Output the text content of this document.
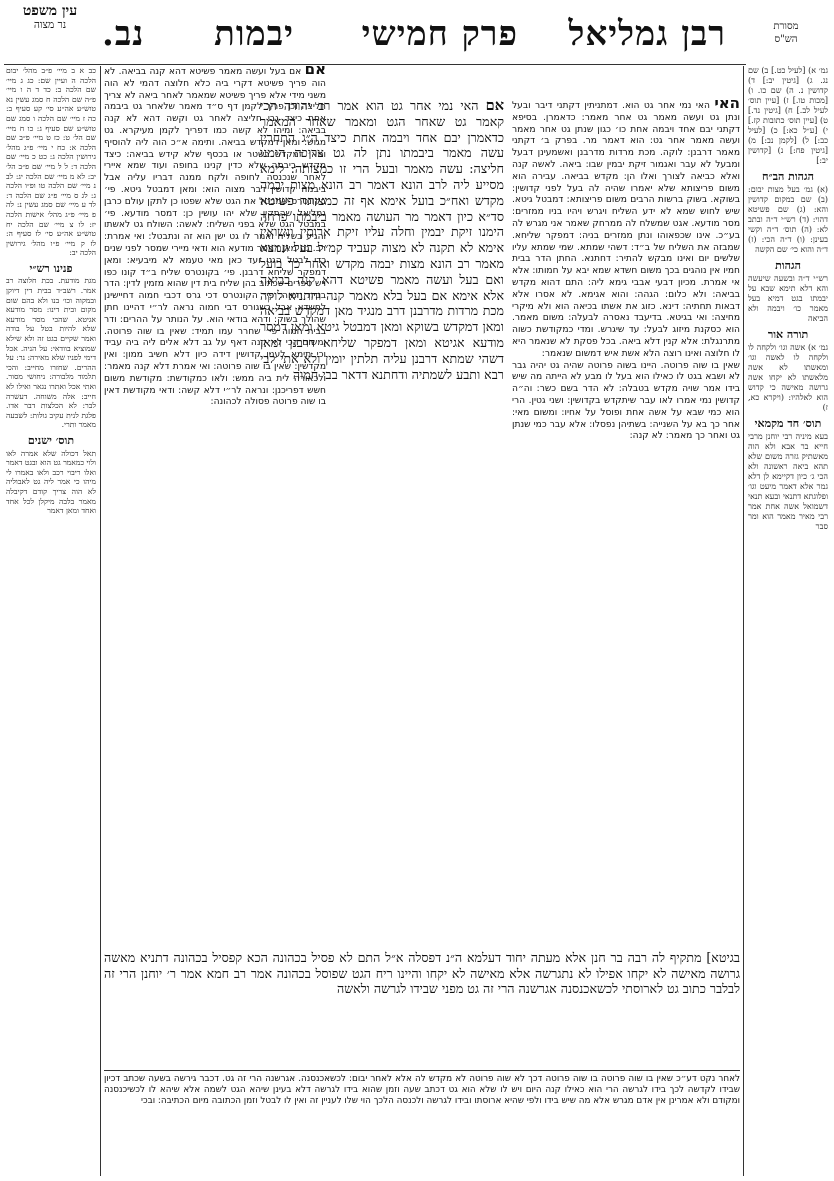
מסורת
הש"ס
רבן גמליאל
פרק חמישי
יבמות
נב.
עין משפט
נר מצוה

גמ׳ א) [לעיל כט.] ב) שם נג. ג) [גיטין יב:] ד) קדושין נ. ה) שם כו. ו) [מכות טו.] ז) [עיין תוס׳ לעיל לב.] ח) [גיטין נד.] ט) [עיין תוס׳ כתובות קז.] י) [ע״ל כא:] כ) [לעיל כב:] ל) [לקמן נב:] מ) [גיטין פח:] נ) [קדושין יב:]

הגהות הב״ח

(א) גמ׳ בעל מצות יבום: (ב) שם במקום קדושין והא: (ג) שם פשיטא דהוי: (ד) רש״י ד״ה ובתב לא: (ה) תוס׳ ד״ה וקשי בעינן: (ו) ד״ה הכי: (ז) ד״ה והוא כי׳ שם הקשה

הגהות

רש״י ד״ה ובשעה שיעשה והא דלא תימא שבא על יבמתו בגט דמיא בעל מאמר כו׳ ויבמה ולא הביאה

תורה אור

גמ׳ א) אשה וגו׳ ולקחה לו ולקחה לו לאשה וגו׳ ומאשתו לא אשה מלאשתו לא יקחו אשה גרושה מאישה כי קדוש הוא לאלהיו: (ויקרא כא, ז)

תוס׳ חד מקמאי

בעא מיניה רבי יוחנן מרבי חייא בר אבא ולא הוה מאשתיק גזרה משום שלא תהא ביאה ראשונה ולא הכי ג׳ כיון דקיימא לן דלא גמר אלא דאמר מיעט וגו׳ ופלוגתא דתנאי ובעא תנאי דשמואל אשה אחת אמר רבי מאיר מאמר הוא ומר סבר

האי האי נמי אחר גט הוא. דמתניתין דקתני דיבר ובעל ונתן גט ועשה מאמר גט אחר מאמר: כדאמרן. בסיפא דקתני יבם אחד ויבמה אחת כו׳ כגון שנתן גט אחר מאמר ועשה מאמר אחר גט: הוא דאמר מר. בפרק ב׳ דקתני מאמר דרבנן: לוקה. מכת מרדות מדרבנן ואשמעינן דבעל ומבעל לא עבר ואגמור זיקת יבמין שבו: ביאה. לאשה קנה ואלא כביאה לצורך ואלו הן: מקדש בביאה. עבירה הוא משום פריצותא שלא יאמרו שהיה לה בעל לפני קדושין: בשוקא. בשוק ברשות הרבים משום פריצותא: דמבטל גיטא. שיש לחוש שמא לא ידע השליח ויגרש ויהיו בניו ממזרים: מסר מודעא. אגט שמשלח לה ממרחק שאמר אני מגרש לה בע״כ. אינו שכפאוהו ונתן ממזרים בניה: דמפקר שליחא. שמבזה את השליח של ב״ד: דשהי שמתא. שמי שמתא עליו שלשים יום ואינו מבקש להתיר: דחתנא. החתן הדר בבית חמיו אין נוהגים בכך משום חשדא שמא יבא על חמותו: אלא אי אמרת. מכיון דבעי אבבי גימא ליה: התם דהוא מקדש בביאה: ולא כלום: הגהה: והוא אגימא. לא אסרו אלא דבאות תחתיה: דינא. כזוג את אשתו בכיאה הוא ולא מיקרי מחיצה: ואי בגיטא. בדיעבד נאסרה לבעלה: משום מאמר. הוא כסקנת מיזוג לבעל: עד שיגרש. ומדי כמקודשת כשוה מתרנגלת: אלא קנין דלא ביאה. בכל פסקת לא שנאמר היא לו חלוצה ואינו רוצה הלא אשת איש דמשום שנאמר:
שאין בו שוה פרוטה. היינו בשוה פרוטה שהיה גט יהיה גבר לא ושבא בגט לו כאילו הוא בעל לו מבע לא הייתה מה שיש בידו אמר שויה מקדש בטבלה: לא הדר בשם כשר: וה״ה קדושין נמי אמרו לאו עבר שיתקדש בקדושין: ושני גטין. הרי הוא כמי שבא על אשה אחת ופוסל על אחיו: ומשום מאי: אחר כך בא על השנייה: בשתיהן נפסלו: אלא עבר כמי שנתן גט ואחר כך מאמר: לא קנה:
אם האי נמי אחר גט הוא אמר רב יהודה הכי קאמר גט שאחר הגט ומאמר שאחר המאמר כדאמרן יבם אחד ויבמה אחת כיצד ה״ג התחרין עשה מאמר ביבמתו נתן לה גט צריכה הימנו חליצה: עשה מאמר ובעל הרי זו כמצותה: לימא מסייע ליה לרב הונא דאמר רב הונא מצות יבמה מקדש ואח״כ בועל אימא אף זה כמצותה פשיטא סד״א כיון דאמר מר העושה מאמר ביבמתו פרחה הימנו זיקת יבמין וחלה עליו זיקת ארוסין ונשואין אימא לא תקנה לא מצוה קעביד קמ״ל בעל ונמצא מאמר רב הונא מצות יבמה מקדש ואחר כך בועל ואם בעל ועשה מאמר פשיטא דהא קנה בביאה אלא אימא אם בעל בלא מאמר קנה והתניא לוקה מכת מרדות מדרבנן דרב מנגיד מאן דמקדש בביאה ומאן דמקדש בשוקא ומאן דמבטל גיטא ומאן דמסר מודעא אגיטא ומאן דמפקר שליחא דרבנן ומאן דשהי שמתא דרבנן עליה תלתין יומין ולא אתי לבי רבא ותבע לשמתיה ודחתנא דדאר בבי חמוה
אם אם בעל ועשה מאמר פשיטא דהא קנה בביאה. לא הוה פריך פשיטא דקרי ביה כלא חלוצה דהמי לא הוה משני מידי אלא פריך פשיטא שמאמר לאחר ביאה לא צריך חליצה וכן פריך לקמן דף ס״ד מאמר שלאחר גט ביבמה אחת כיצד גבי חליצה לאחר גט וקשה דהא לא קנה בביאה: ומיהו לא קשה כמו דפריך לקמן מעיקרא. גט מגוש: ומאן דמקדש בביאה. ותימה א״כ הוה ליה להוסיף ומאן דמקדש בשטר או בכסף שלא קידש בביאה: כיצד מקדש ביבמה שלא כדין קנינו בחופה ועוד שמא איירי לאחר שנכנסה לחופה ולקח ממנה דבריו עליה אבל ביבמה קדושין דבר מצוה הוא: ומאן דמבטל גיטא. פי׳ בקונטרס שמבטל את הגט שלא שפטו כן לתקן עולם כרבן גמליאל שהתקין שלא יהו עושין כן: דמסר מודעא. פי׳ במבטל הגט שלא בפני השליח: לאשה: השולח גט לאשתו והגיע בשליח ואמר לו גט ישן הוא זה ונתבטל: ואי אמרת: רב. גם מאן דמסר מודעא הוא ודאי מיירי שמסר לפני שנים כדי לבטל הגט ועד כאן מאי טעמא לא מיבעיא: ומאן דמפקר שליחא דרבנן. פי׳ בקונטרס שליח ב״ד קונו כפו ויש ספרים שכתוב בהן שליח בית דין שהוא מזמין לדין: הדר בבית חמוה. פי׳ הקונטרס דכי גרס דכבי חמוה דחיישינן לחשדא אבל כשגורס דבי חמוה נראה לר״י דהיינו חתן שהולך בשוק: ודהא בודאי הוא. על הנותר על ההרים: ודר בבית חמוה פי׳ שחרר עמו תמיד: שאין בו שוה פרוטה. ומשום הכי לא קנה דאף על גב דלא אלים ליה ביה עביד וכי תימא לענין קדושין דידה כיון דלא חשיב ממון: ואין מקדשין: שאין בו שוה פרוטה: ואי אמרת דלא קנה מאמר: ולכאורה לית ביה ממש: ולאו כמקודשת: מקודשת משום חשש דפריכנן: ונראה לר״י דלא קשה: ודאי מקודשת דאין בו שוה פרוטה פסולה לכהונה:

כב א ב מיי׳ פ״ב מהל׳ יבום הלכה ה ועיין שם: כג ג מיי׳ שם הלכה ב: כד ד ה ו מיי׳ פ״ה שם הלכה ח סמג עשין נא טוש״ע אה״ע סי׳ קע סעיף ב: כה ז מיי׳ שם הלכה ו סמג שם טוש״ע שם סעיף ג: כו ח מיי׳ שם הל׳ ט: כז ט מיי׳ פ״ב שם הלכה א: כח י מיי׳ פ״ג מהל׳ גירושין הלכה ג: כט כ מיי׳ שם הלכה ד: ל ל מיי׳ שם פ״ב הל׳ יב: לא מ מיי׳ שם הלכה יג: לב נ מיי׳ שם הלכה טו ופ״ו הלכה ג: לג ס מיי׳ פ״ג שם הלכה ד: לד ע מיי׳ שם סמג עשין נ: לה פ מיי׳ פ״ג מהל׳ אישות הלכה יז: לו צ מיי׳ שם הלכה יח טוש״ע אה״ע סי׳ לז סעיף ה: לז ק מיי׳ פ״ו מהל׳ גירושין הלכה יב:

פנינו רש״י

מגת מודעת. בכת חלוצה רב אמר. רשב״ד בבית דין דיוקן ובמקוה וכו׳ בנו ולא בהם שום מקום ובית דינו: מסר מודעא אגיטא. שהכי מסר מודעא שלא להיות בטל על בודה ואמר שקיים בגט זה ולא שילא שמוציא בוודאי: על הניה. אכל דימי לפניו שלא מאירה: נר: על ההרים. שחזרו מחייב: והכי תלמוד מלבורה: ניחושי מסור. ואתי אכל ואתרו נגאר ואילו לא חייב: אלה משוחה. דעשרה לבר: לא הכלצות דבר אדו. פלגת לנית עקיב גולות: לשבעה מאמר ותרי.

תוס׳ ישנים

תאל דכולה שלא אמרה לאו ולוי כמאמר גט הוא ובגט דאמר ואלו ריבוי רכב ולאו באמרו לי מיהו כי אמר ליה גט לאבוליה לא הוה צריך קודם דקיבלה מאמר בלבה מיקלן לכל אחד ואחד ומאן דאמר

בגיטא] מתקיף לה רבה בר חנן אלא מעתה יחוד דעלמא ה״נ דפסלה א״ל התם לא פסיל בכהונה הכא קפסיל בכהונה דתניא מאשה גרושה מאישה לא יקחו אפילו לא נתגרשה אלא מאישה לא יקחו והיינו ריח הגט שפוסל בכהונה אמר רב חמא אמר ר׳ יוחנן הרי זה לבלבר כתוב גט לארוסתי לכשאכנסנה אגרשנה הרי זה גט מפני שבידו לגרשה ולאשה
לאחר נקט דע״כ שאין בו שוה פרוטה בו שוה פרוטה דכך לא שוה פרוטה לא מקדש לה אלא לאחר יבום: לכשאכנסנה. אגרשנה הרי זה גט. דכבר גירשה בשעה שכתב דכיון שבידו לקדשה לכך בידו לגרשה הרי הוא כאילו קנה היום ויש לו שלא הוא גט דכתב שעה וזמן שהוא בידו לגרשה דלא בעינן שיהא הגט לשמה אלא שיהא לו לכשיכנסנה ומקודם ולא אמרינן אין אדם מגרש אלא מה שיש בידו ולפי שהיא ארוסתו ובידו לגרשה ולכנסה הלכך הוי שלו לעניין זה ואין לו לבטל וזמן הכתובה מיום הכתיבה: ובכי
